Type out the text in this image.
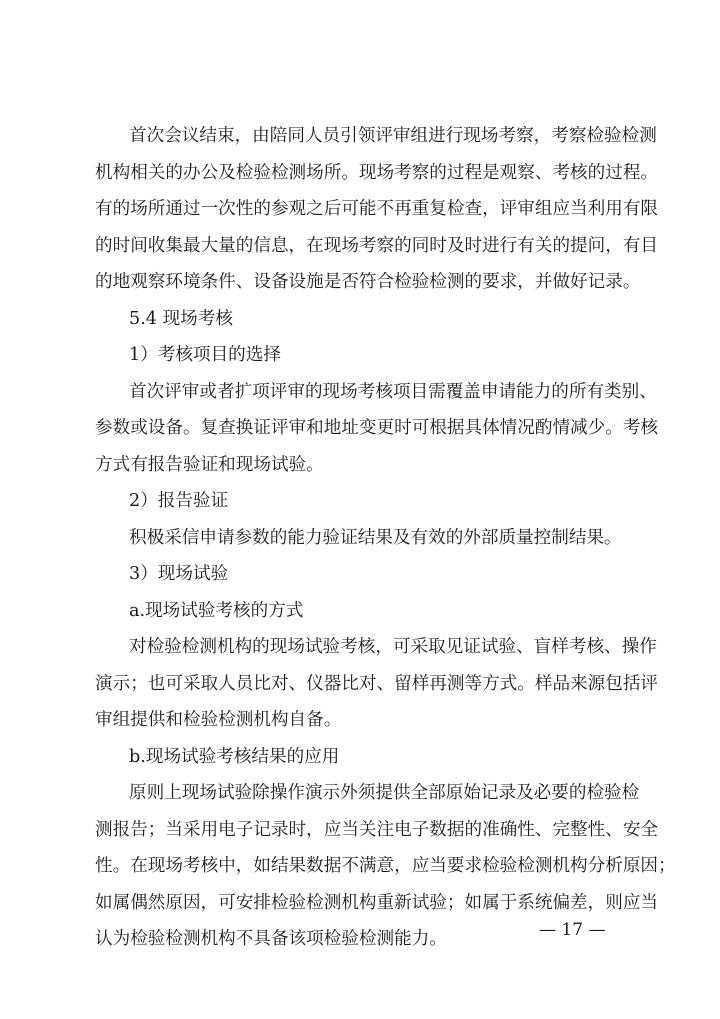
首次会议结束，由陪同人员引领评审组进行现场考察，考察检验检测
机构相关的办公及检验检测场所。现场考察的过程是观察、考核的过程。
有的场所通过一次性的参观之后可能不再重复检查，评审组应当利用有限
的时间收集最大量的信息，在现场考察的同时及时进行有关的提问，有目
的地观察环境条件、设备设施是否符合检验检测的要求，并做好记录。
5.4 现场考核
1）考核项目的选择
首次评审或者扩项评审的现场考核项目需覆盖申请能力的所有类别、
参数或设备。复查换证评审和地址变更时可根据具体情况酌情减少。考核
方式有报告验证和现场试验。
2）报告验证
积极采信申请参数的能力验证结果及有效的外部质量控制结果。
3）现场试验
a.现场试验考核的方式
对检验检测机构的现场试验考核，可采取见证试验、盲样考核、操作
演示；也可采取人员比对、仪器比对、留样再测等方式。样品来源包括评
审组提供和检验检测机构自备。
b.现场试验考核结果的应用
原则上现场试验除操作演示外须提供全部原始记录及必要的检验检
测报告；当采用电子记录时，应当关注电子数据的准确性、完整性、安全
性。在现场考核中，如结果数据不满意，应当要求检验检测机构分析原因；
如属偶然原因，可安排检验检测机构重新试验；如属于系统偏差，则应当
认为检验检测机构不具备该项检验检测能力。	— 17 —
